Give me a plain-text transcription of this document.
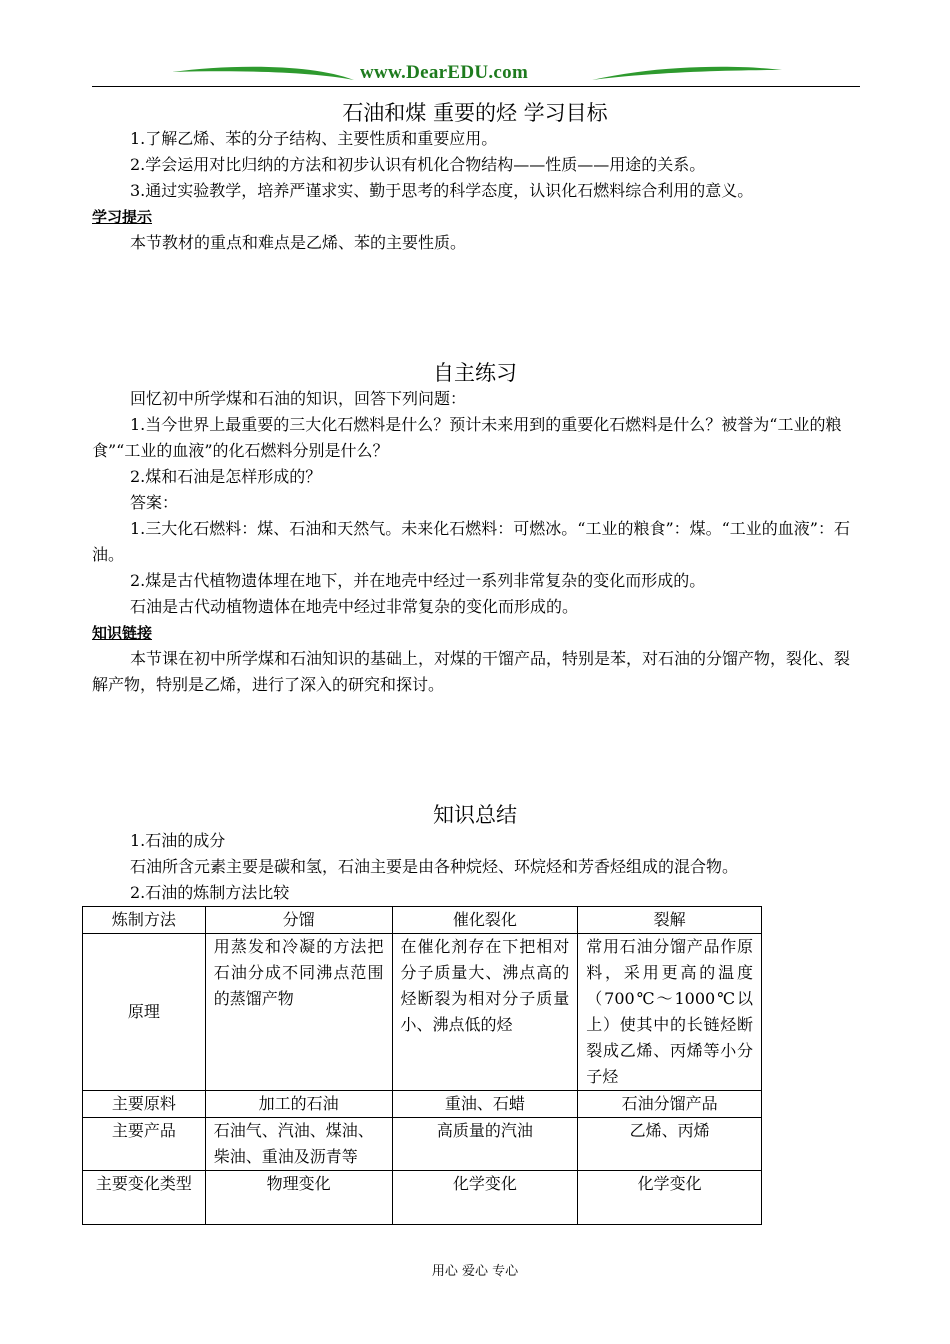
www.DearEDU.com
石油和煤 重要的烃 学习目标
1.了解乙烯、苯的分子结构、主要性质和重要应用。
2.学会运用对比归纳的方法和初步认识有机化合物结构——性质——用途的关系。
3.通过实验教学，培养严谨求实、勤于思考的科学态度，认识化石燃料综合利用的意义。
学习提示
本节教材的重点和难点是乙烯、苯的主要性质。
自主练习
回忆初中所学煤和石油的知识，回答下列问题：
1.当今世界上最重要的三大化石燃料是什么？预计未来用到的重要化石燃料是什么？被誉为“工业的粮食”“工业的血液”的化石燃料分别是什么？
2.煤和石油是怎样形成的？
答案：
1.三大化石燃料：煤、石油和天然气。未来化石燃料：可燃冰。“工业的粮食”：煤。“工业的血液”：石油。
2.煤是古代植物遗体埋在地下，并在地壳中经过一系列非常复杂的变化而形成的。
石油是古代动植物遗体在地壳中经过非常复杂的变化而形成的。
知识链接
本节课在初中所学煤和石油知识的基础上，对煤的干馏产品，特别是苯，对石油的分馏产物，裂化、裂解产物，特别是乙烯，进行了深入的研究和探讨。
知识总结
1.石油的成分
石油所含元素主要是碳和氢，石油主要是由各种烷烃、环烷烃和芳香烃组成的混合物。
2.石油的炼制方法比较
炼制方法	分馏	催化裂化	裂解
原理	用蒸发和冷凝的方法把石油分成不同沸点范围的蒸馏产物	在催化剂存在下把相对分子质量大、沸点高的烃断裂为相对分子质量小、沸点低的烃	常用石油分馏产品作原料，采用更高的温度（700℃～1000℃以上）使其中的长链烃断裂成乙烯、丙烯等小分子烃
主要原料	加工的石油	重油、石蜡	石油分馏产品
主要产品	石油气、汽油、煤油、柴油、重油及沥青等	高质量的汽油	乙烯、丙烯
主要变化类型	物理变化	化学变化	化学变化
用心 爱心 专心
